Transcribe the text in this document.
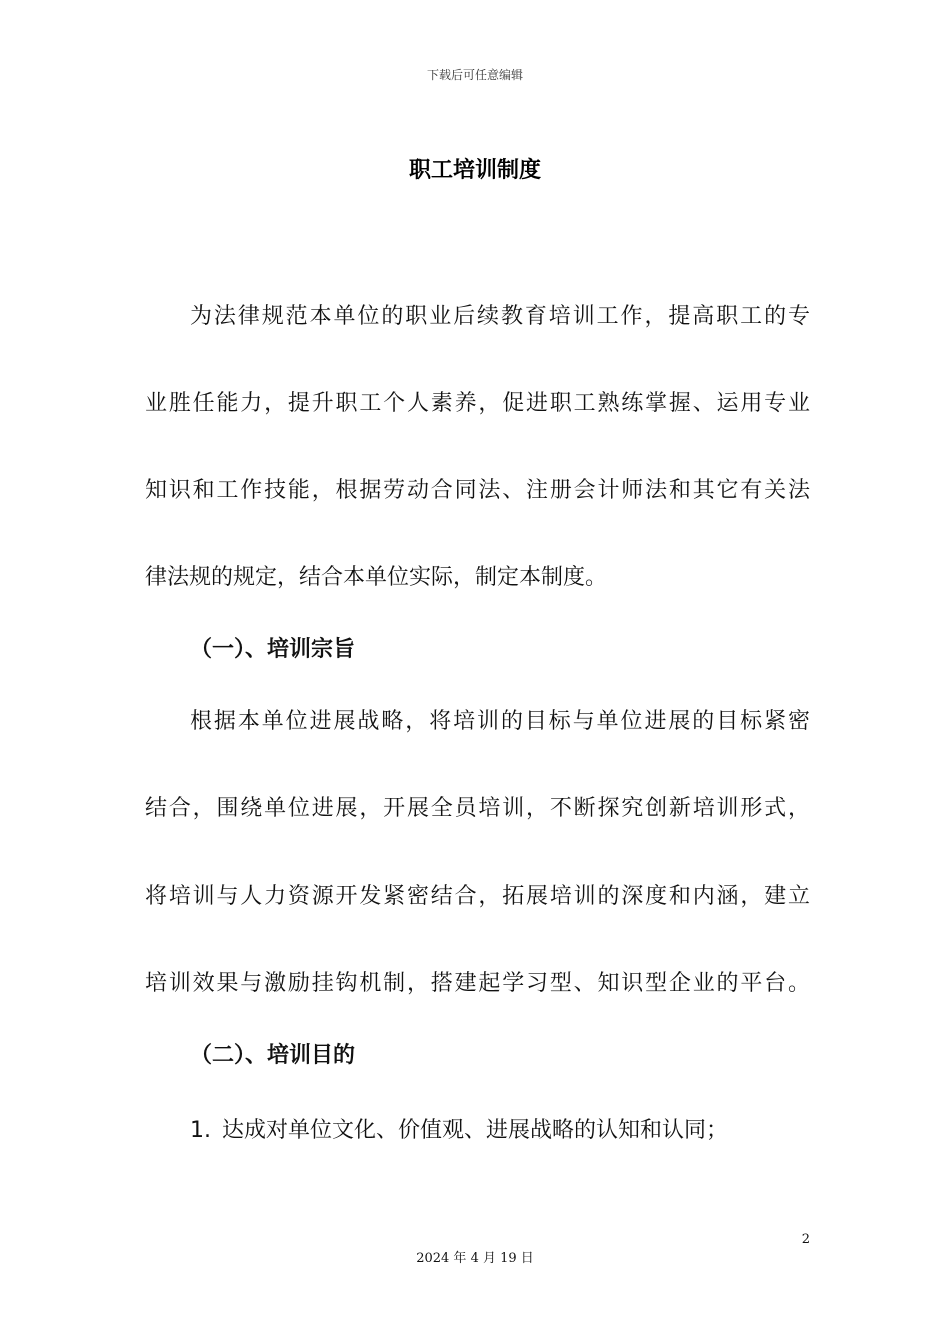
下载后可任意编辑
职工培训制度
为法律规范本单位的职业后续教育培训工作，提高职工的专
业胜任能力，提升职工个人素养，促进职工熟练掌握、运用专业
知识和工作技能，根据劳动合同法、注册会计师法和其它有关法
律法规的规定，结合本单位实际，制定本制度。
（一）、培训宗旨
根据本单位进展战略，将培训的目标与单位进展的目标紧密
结合，围绕单位进展，开展全员培训，不断探究创新培训形式，
将培训与人力资源开发紧密结合，拓展培训的深度和内涵，建立
培训效果与激励挂钩机制，搭建起学习型、知识型企业的平台。
（二）、培训目的
1. 达成对单位文化、价值观、进展战略的认知和认同；
2
2024 年 4 月 19 日
